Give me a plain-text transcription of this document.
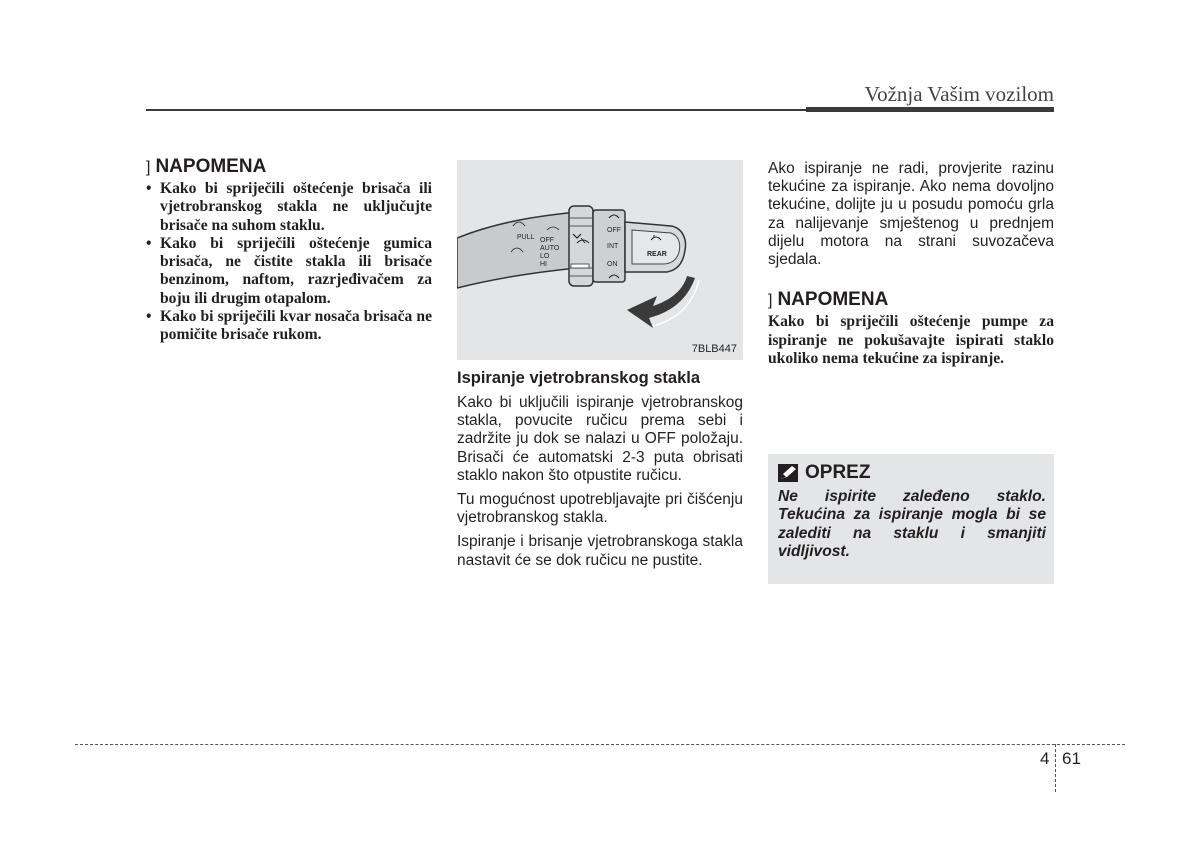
Vožnja Vašim vozilom
] NAPOMENA
• Kako bi spriječili oštećenje brisača ili vjetrobranskog stakla ne uključujte brisače na suhom staklu.
• Kako bi spriječili oštećenje gumica brisača, ne čistite stakla ili brisače benzinom, naftom, razrjeđivačem za boju ili drugim otapalom.
• Kako bi spriječili kvar nosača brisača ne pomičite brisače rukom.
PULL OFF
AUTO
LO
HI
OFF
INT
ON
REAR
7BLB447
Ispiranje vjetrobranskog stakla

Kako bi uključili ispiranje vjetrobranskog stakla, povucite ručicu prema sebi i zadržite ju dok se nalazi u OFF položaju. Brisači će automatski 2-3 puta obrisati staklo nakon što otpustite ručicu.

Tu mogućnost upotrebljavajte pri čišćenju vjetrobranskog stakla.

Ispiranje i brisanje vjetrobranskoga stakla nastavit će se dok ručicu ne pustite.

Ako ispiranje ne radi, provjerite razinu tekućine za ispiranje. Ako nema dovoljno tekućine, dolijte ju u posudu pomoću grla za nalijevanje smještenog u prednjem dijelu motora na strani suvozačeva sjedala.

] NAPOMENA

Kako bi spriječili oštećenje pumpe za ispiranje ne pokušavajte ispirati staklo ukoliko nema tekućine za ispiranje.

OPREZ

Ne ispirite zaleđeno staklo. Tekućina za ispiranje mogla bi se zalediti na staklu i smanjiti vidljivost.

4 61
